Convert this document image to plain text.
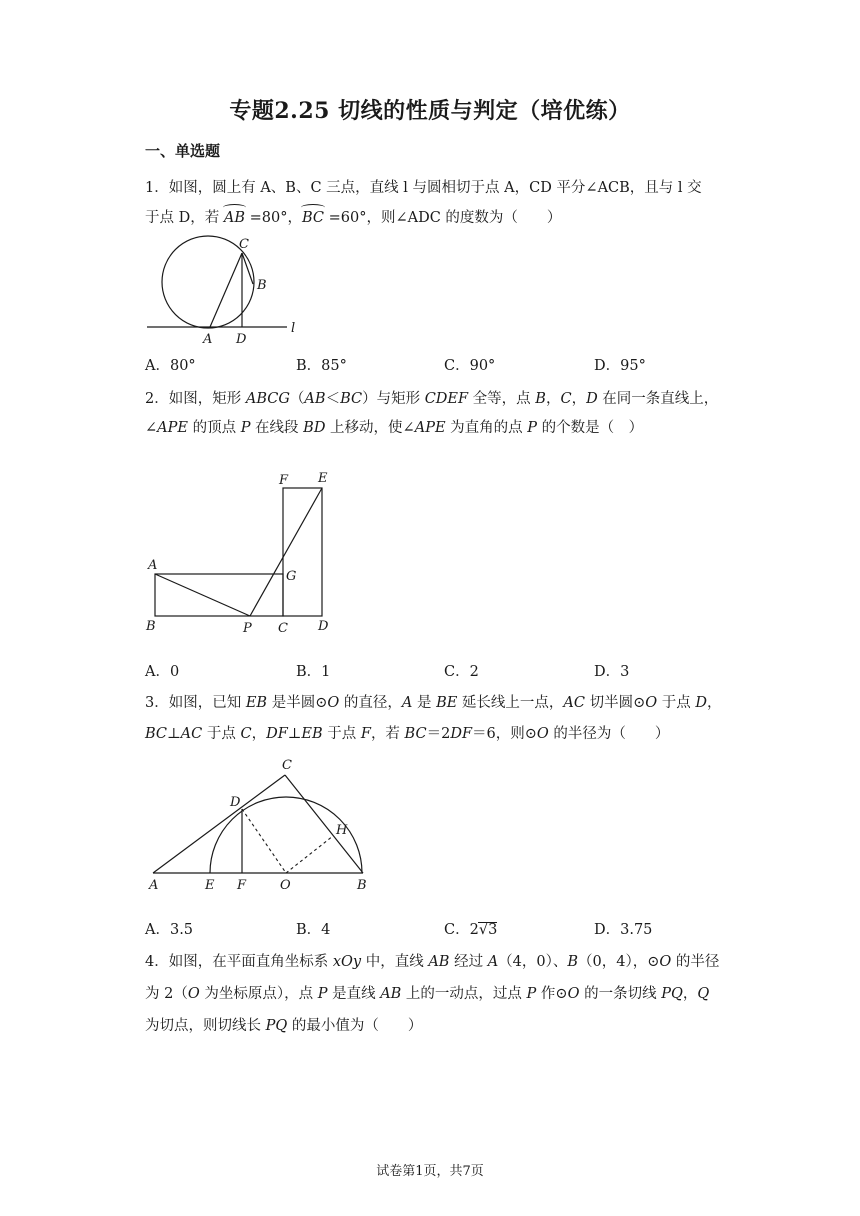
专题2.25 切线的性质与判定（培优练）
一、单选题
1．如图，圆上有 A、B、C 三点，直线 l 与圆相切于点 A，CD 平分∠ACB，且与 l 交
于点 D，若 AB =80°，BC =60°，则∠ADC 的度数为（　　）
C
B
A D
l
A．80°	B．85°	C．90°	D．95°
2．如图，矩形 ABCG（AB＜BC）与矩形 CDEF 全等，点 B，C，D 在同一条直线上，
∠APE 的顶点 P 在线段 BD 上移动，使∠APE 为直角的点 P 的个数是（　）
F E
A
G
B	P C D
A．0	B．1	C．2	D．3
3．如图，已知 EB 是半圆⊙O 的直径，A 是 BE 延长线上一点，AC 切半圆⊙O 于点 D，
BC⊥AC 于点 C，DF⊥EB 于点 F，若 BC＝2DF＝6，则⊙O 的半径为（　　）
C
D
H
A	E F	O	B
A．3.5	B．4	C．2√3	D．3.75
4．如图，在平面直角坐标系 xOy 中，直线 AB 经过 A（4，0）、B（0，4），⊙O 的半径
为 2（O 为坐标原点），点 P 是直线 AB 上的一动点，过点 P 作⊙O 的一条切线 PQ，Q
为切点，则切线长 PQ 的最小值为（　　）
试卷第1页，共7页
